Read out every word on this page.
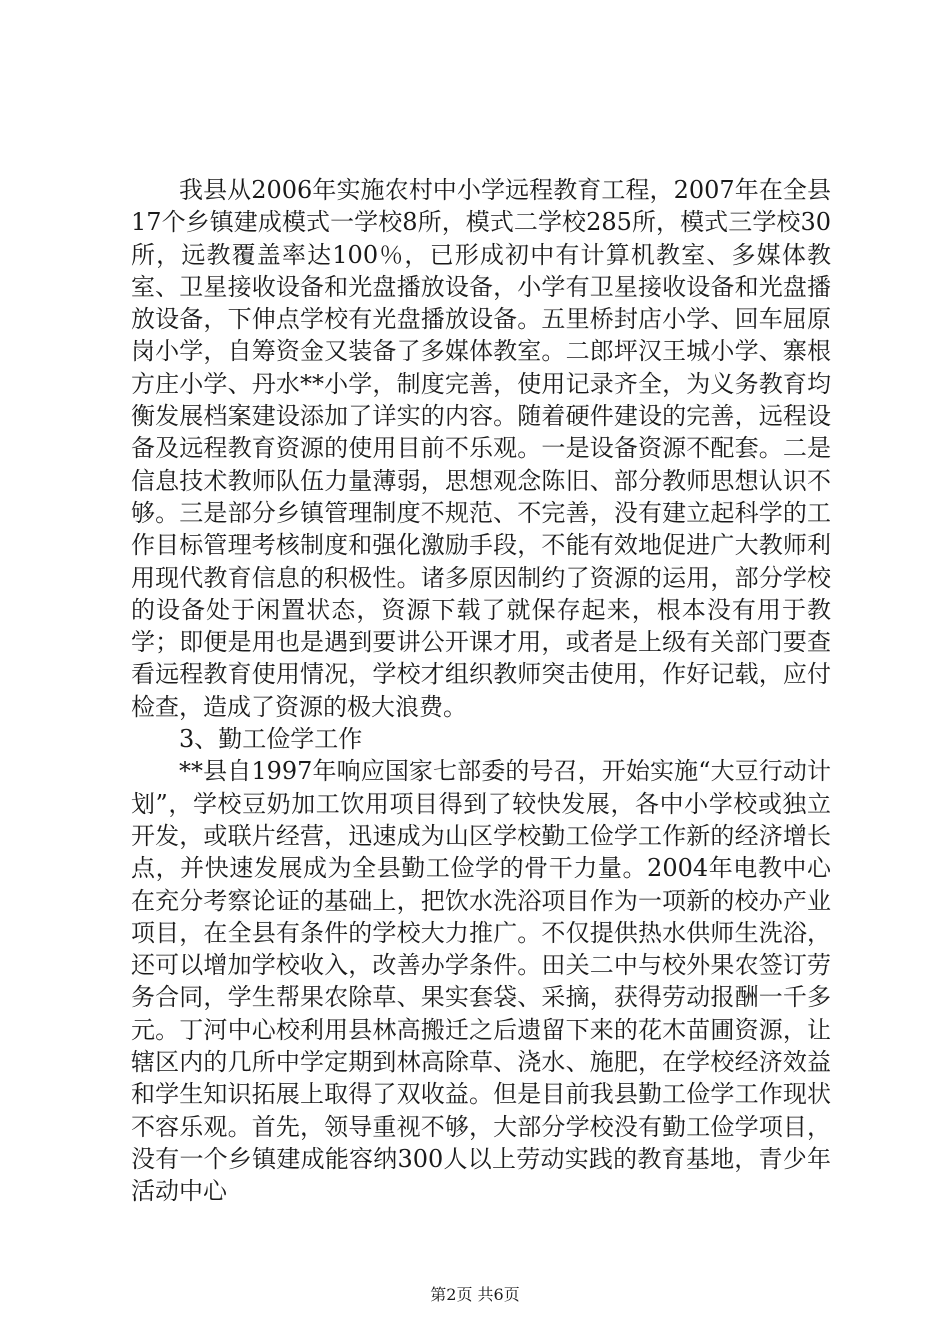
我县从2006年实施农村中小学远程教育工程，2007年在全县17个乡镇建成模式一学校8所，模式二学校285所，模式三学校30所，远教覆盖率达100％，已形成初中有计算机教室、多媒体教室、卫星接收设备和光盘播放设备，小学有卫星接收设备和光盘播放设备，下伸点学校有光盘播放设备。五里桥封店小学、回车屈原岗小学，自筹资金又装备了多媒体教室。二郎坪汉王城小学、寨根方庄小学、丹水**小学，制度完善，使用记录齐全，为义务教育均衡发展档案建设添加了详实的内容。随着硬件建设的完善，远程设备及远程教育资源的使用目前不乐观。一是设备资源不配套。二是信息技术教师队伍力量薄弱，思想观念陈旧、部分教师思想认识不够。三是部分乡镇管理制度不规范、不完善，没有建立起科学的工作目标管理考核制度和强化激励手段，不能有效地促进广大教师利用现代教育信息的积极性。诸多原因制约了资源的运用，部分学校的设备处于闲置状态，资源下载了就保存起来，根本没有用于教学；即便是用也是遇到要讲公开课才用，或者是上级有关部门要查看远程教育使用情况，学校才组织教师突击使用，作好记载，应付检查，造成了资源的极大浪费。

3、勤工俭学工作

**县自1997年响应国家七部委的号召，开始实施“大豆行动计划”，学校豆奶加工饮用项目得到了较快发展，各中小学校或独立开发，或联片经营，迅速成为山区学校勤工俭学工作新的经济增长点，并快速发展成为全县勤工俭学的骨干力量。2004年电教中心在充分考察论证的基础上，把饮水洗浴项目作为一项新的校办产业项目，在全县有条件的学校大力推广。不仅提供热水供师生洗浴，还可以增加学校收入，改善办学条件。田关二中与校外果农签订劳务合同，学生帮果农除草、果实套袋、采摘，获得劳动报酬一千多元。丁河中心校利用县林高搬迁之后遗留下来的花木苗圃资源，让辖区内的几所中学定期到林高除草、浇水、施肥，在学校经济效益和学生知识拓展上取得了双收益。但是目前我县勤工俭学工作现状不容乐观。首先，领导重视不够，大部分学校没有勤工俭学项目，没有一个乡镇建成能容纳300人以上劳动实践的教育基地，青少年活动中心

第2页 共6页
